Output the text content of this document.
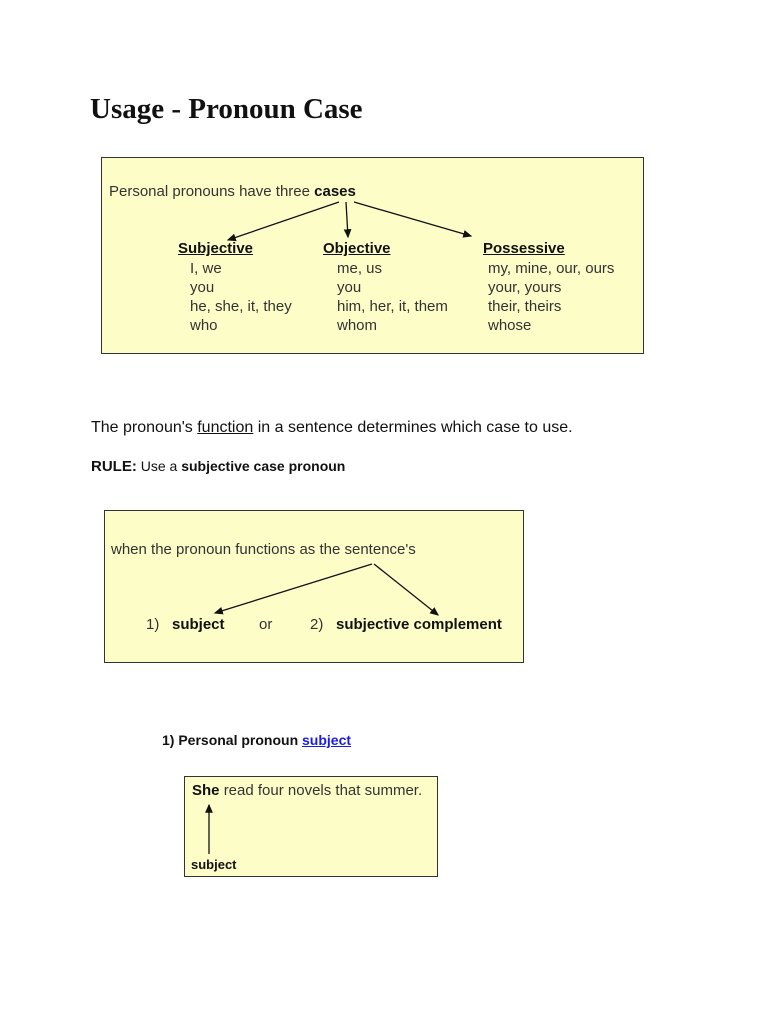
Usage - Pronoun Case
Personal pronouns have three cases
Subjective
I, we
you
he, she, it, they
who
Objective
me, us
you
him, her, it, them
whom
Possessive
my, mine, our, ours
your, yours
their, theirs
whose
The pronoun's function in a sentence determines which case to use.
RULE: Use a subjective case pronoun
when the pronoun functions as the sentence's
1) subject or	2) subjective complement
1) Personal pronoun subject
She read four novels that summer.
subject
